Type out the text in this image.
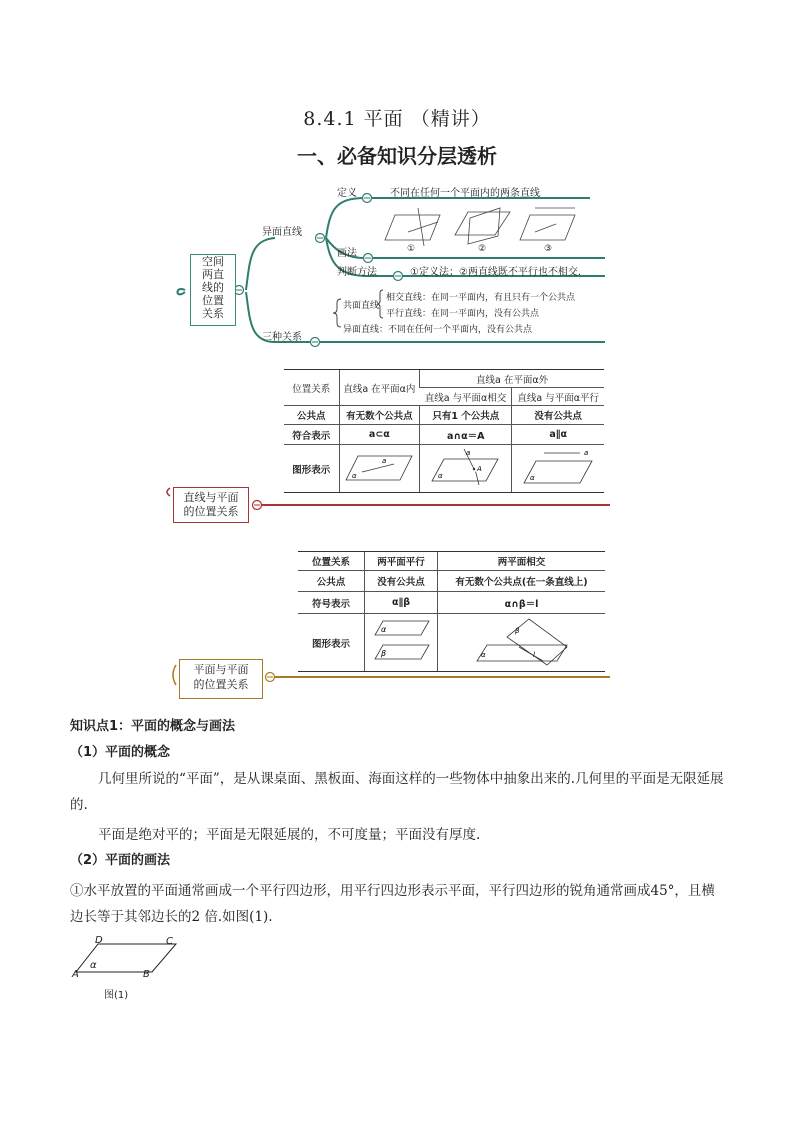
8.4.1 平面 （精讲）
一、必备知识分层透析
空间
两直
线的
位置
关系
异面直线
定义	不同在任何一个平面内的两条直线
画法	①	②	③
判断方法	①定义法；②两直线既不平行也不相交.
三种关系
共面直线
相交直线：在同一平面内，有且只有一个公共点
平行直线：在同一平面内，没有公共点
异面直线：不同在任何一个平面内，没有公共点
位置关系	直线a 在平面α内	直线a 在平面α外	
		直线a 与平面α相交	直线a 与平面α平行
公共点	有无数个公共点	只有1 个公共点	没有公共点
符合表示	a⊂α	a∩α＝A	a∥α
图形表示	α
a	A
α
a	a
α
直线与平面
的位置关系
位置关系	两平面平行	两平面相交
公共点	没有公共点	有无数个公共点(在一条直线上)
符号表示	α∥β	α∩β＝l
图形表示	α
β	α
β
l
平面与平面
的位置关系
知识点1：平面的概念与画法
（1）平面的概念
几何里所说的“平面”，是从课桌面、黑板面、海面这样的一些物体中抽象出来的.几何里的平面是无限延展的.
平面是绝对平的；平面是无限延展的，不可度量；平面没有厚度.
（2）平面的画法
①水平放置的平面通常画成一个平行四边形，用平行四边形表示平面，平行四边形的锐角通常画成45°，且横边长等于其邻边长的2 倍.如图(1).
D	C
A	B
α
图(1)
